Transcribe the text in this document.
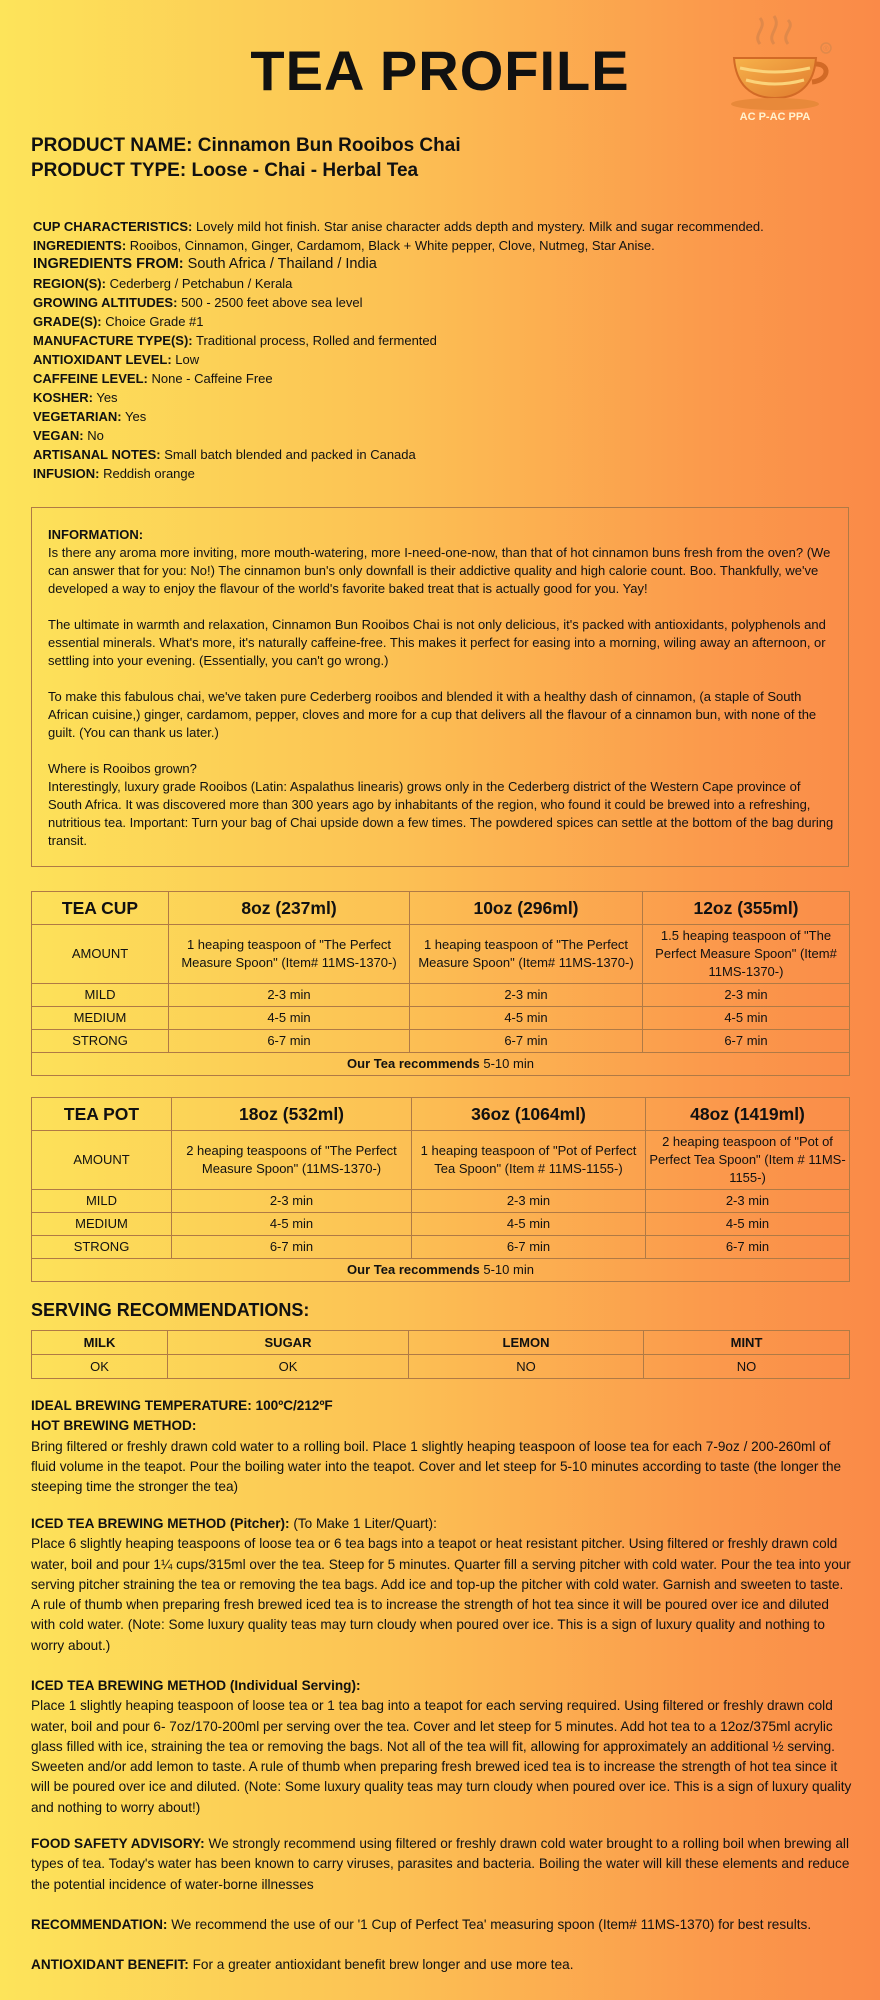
TEA PROFILE	®
AC P-AC PPA
PRODUCT NAME: Cinnamon Bun Rooibos Chai
PRODUCT TYPE: Loose - Chai - Herbal Tea
CUP CHARACTERISTICS: Lovely mild hot finish. Star anise character adds depth and mystery. Milk and sugar recommended.
INGREDIENTS: Rooibos, Cinnamon, Ginger, Cardamom, Black + White pepper, Clove, Nutmeg, Star Anise.
INGREDIENTS FROM: South Africa / Thailand / India
REGION(S): Cederberg / Petchabun / Kerala
GROWING ALTITUDES: 500 - 2500 feet above sea level
GRADE(S): Choice Grade #1
MANUFACTURE TYPE(S): Traditional process, Rolled and fermented
ANTIOXIDANT LEVEL: Low
CAFFEINE LEVEL: None - Caffeine Free
KOSHER: Yes
VEGETARIAN: Yes
VEGAN: No
ARTISANAL NOTES: Small batch blended and packed in Canada
INFUSION: Reddish orange
INFORMATION:

Is there any aroma more inviting, more mouth-watering, more I-need-one-now, than that of hot cinnamon buns fresh from the oven? (We can answer that for you: No!) The cinnamon bun's only downfall is their addictive quality and high calorie count. Boo. Thankfully, we've developed a way to enjoy the flavour of the world's favorite baked treat that is actually good for you. Yay!

The ultimate in warmth and relaxation, Cinnamon Bun Rooibos Chai is not only delicious, it's packed with antioxidants, polyphenols and essential minerals. What's more, it's naturally caffeine-free. This makes it perfect for easing into a morning, wiling away an afternoon, or settling into your evening. (Essentially, you can't go wrong.)

To make this fabulous chai, we've taken pure Cederberg rooibos and blended it with a healthy dash of cinnamon, (a staple of South African cuisine,) ginger, cardamom, pepper, cloves and more for a cup that delivers all the flavour of a cinnamon bun, with none of the guilt. (You can thank us later.)

Where is Rooibos grown?

Interestingly, luxury grade Rooibos (Latin: Aspalathus linearis) grows only in the Cederberg district of the Western Cape province of South Africa. It was discovered more than 300 years ago by inhabitants of the region, who found it could be brewed into a refreshing, nutritious tea. Important: Turn your bag of Chai upside down a few times. The powdered spices can settle at the bottom of the bag during transit.

TEA CUP	8oz (237ml)	10oz (296ml)	12oz (355ml)
AMOUNT	1 heaping teaspoon of "The Perfect Measure Spoon" (Item# 11MS-1370-)	1 heaping teaspoon of "The Perfect Measure Spoon" (Item# 11MS-1370-)	1.5 heaping teaspoon of "The Perfect Measure Spoon" (Item# 11MS-1370-)
MILD	2-3 min	2-3 min	2-3 min
MEDIUM	4-5 min	4-5 min	4-5 min
STRONG	6-7 min	6-7 min	6-7 min
Our Tea recommends 5-10 min			
TEA POT	18oz (532ml)	36oz (1064ml)	48oz (1419ml)
AMOUNT	2 heaping teaspoons of "The Perfect Measure Spoon" (11MS-1370-)	1 heaping teaspoon of "Pot of Perfect Tea Spoon" (Item # 11MS-1155-)	2 heaping teaspoon of "Pot of Perfect Tea Spoon" (Item # 11MS-1155-)
MILD	2-3 min	2-3 min	2-3 min
MEDIUM	4-5 min	4-5 min	4-5 min
STRONG	6-7 min	6-7 min	6-7 min
Our Tea recommends 5-10 min			
SERVING RECOMMENDATIONS:
MILK	SUGAR	LEMON	MINT
OK	OK	NO	NO
IDEAL BREWING TEMPERATURE: 100ºC/212ºF
HOT BREWING METHOD:

Bring filtered or freshly drawn cold water to a rolling boil. Place 1 slightly heaping teaspoon of loose tea for each 7-9oz / 200-260ml of fluid volume in the teapot. Pour the boiling water into the teapot. Cover and let steep for 5-10 minutes according to taste (the longer the steeping time the stronger the tea)

ICED TEA BREWING METHOD (Pitcher): (To Make 1 Liter/Quart):

Place 6 slightly heaping teaspoons of loose tea or 6 tea bags into a teapot or heat resistant pitcher. Using filtered or freshly drawn cold water, boil and pour 1¼ cups/315ml over the tea. Steep for 5 minutes. Quarter fill a serving pitcher with cold water. Pour the tea into your serving pitcher straining the tea or removing the tea bags. Add ice and top-up the pitcher with cold water. Garnish and sweeten to taste. A rule of thumb when preparing fresh brewed iced tea is to increase the strength of hot tea since it will be poured over ice and diluted with cold water. (Note: Some luxury quality teas may turn cloudy when poured over ice. This is a sign of luxury quality and nothing to worry about.)

ICED TEA BREWING METHOD (Individual Serving):

Place 1 slightly heaping teaspoon of loose tea or 1 tea bag into a teapot for each serving required. Using filtered or freshly drawn cold water, boil and pour 6- 7oz/170-200ml per serving over the tea. Cover and let steep for 5 minutes. Add hot tea to a 12oz/375ml acrylic glass filled with ice, straining the tea or removing the bags. Not all of the tea will fit, allowing for approximately an additional ½ serving. Sweeten and/or add lemon to taste. A rule of thumb when preparing fresh brewed iced tea is to increase the strength of hot tea since it will be poured over ice and diluted. (Note: Some luxury quality teas may turn cloudy when poured over ice. This is a sign of luxury quality and nothing to worry about!)

FOOD SAFETY ADVISORY: We strongly recommend using filtered or freshly drawn cold water brought to a rolling boil when brewing all types of tea. Today's water has been known to carry viruses, parasites and bacteria. Boiling the water will kill these elements and reduce the potential incidence of water-borne illnesses

RECOMMENDATION: We recommend the use of our '1 Cup of Perfect Tea' measuring spoon (Item# 11MS-1370) for best results.

ANTIOXIDANT BENEFIT: For a greater antioxidant benefit brew longer and use more tea.
